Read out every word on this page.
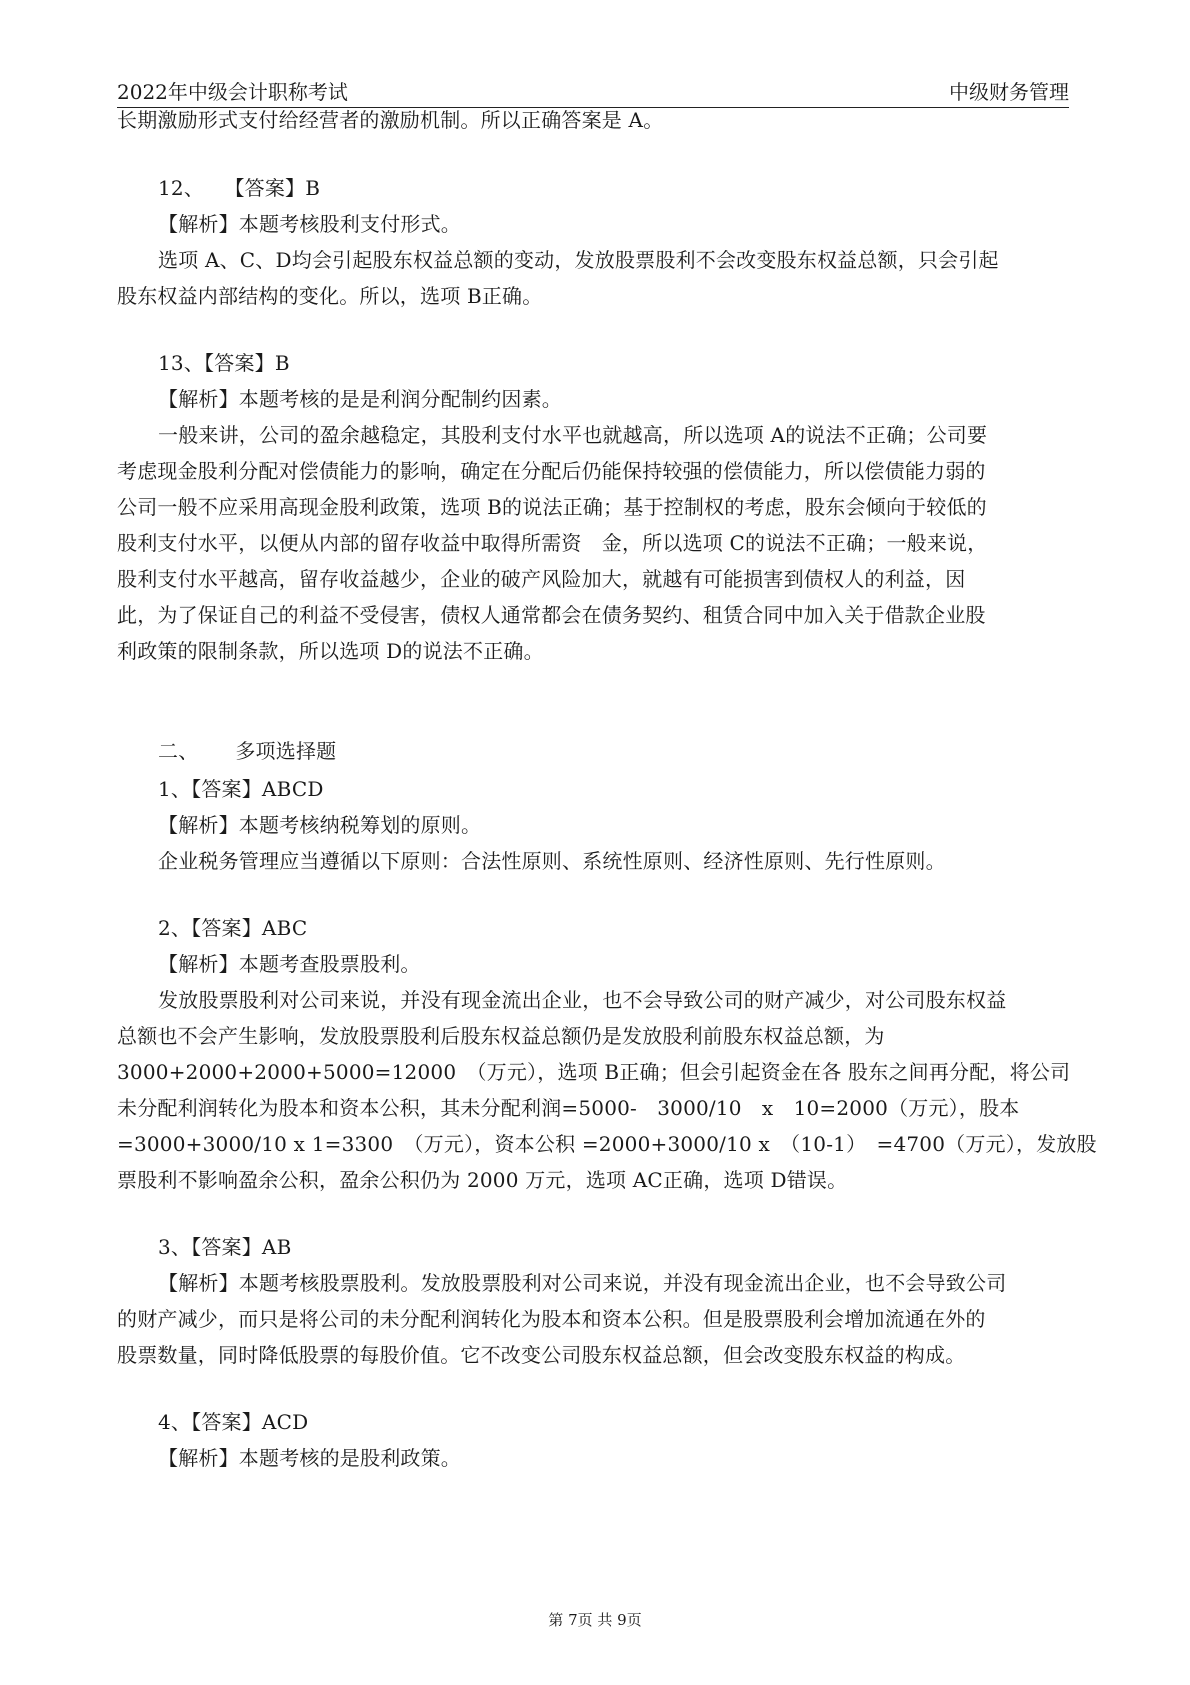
2022年中级会计职称考试	中级财务管理
长期激励形式支付给经营者的激励机制。所以正确答案是 A。
12、　　【答案】B
【解析】本题考核股利支付形式。
选项 A、C、D均会引起股东权益总额的变动，发放股票股利不会改变股东权益总额，只会引起
股东权益内部结构的变化。所以，选项 B正确。
13、【答案】B
【解析】本题考核的是是利润分配制约因素。
一般来讲，公司的盈余越稳定，其股利支付水平也就越高，所以选项 A的说法不正确；公司要
考虑现金股利分配对偿债能力的影响，确定在分配后仍能保持较强的偿债能力，所以偿债能力弱的
公司一般不应采用高现金股利政策，选项 B的说法正确；基于控制权的考虑，股东会倾向于较低的
股利支付水平，以便从内部的留存收益中取得所需资　金，所以选项 C的说法不正确；一般来说，
股利支付水平越高，留存收益越少，企业的破产风险加大，就越有可能损害到债权人的利益，因
此，为了保证自己的利益不受侵害，债权人通常都会在债务契约、租赁合同中加入关于借款企业股
利政策的限制条款，所以选项 D的说法不正确。
二、　　 多项选择题
1、【答案】ABCD
【解析】本题考核纳税筹划的原则。
企业税务管理应当遵循以下原则：合法性原则、系统性原则、经济性原则、先行性原则。
2、【答案】ABC
【解析】本题考查股票股利。
发放股票股利对公司来说，并没有现金流出企业，也不会导致公司的财产减少，对公司股东权益
总额也不会产生影响，发放股票股利后股东权益总额仍是发放股利前股东权益总额，为
3000+2000+2000+5000=12000　（万元），选项 B正确；但会引起资金在各 股东之间再分配，将公司
未分配利润转化为股本和资本公积，其未分配利润=5000-　3000/10　x　10=2000（万元），股本
=3000+3000/10 x 1=3300　（万元），资本公积 =2000+3000/10 x　（10-1）　=4700（万元），发放股
票股利不影响盈余公积，盈余公积仍为 2000 万元，选项 AC正确，选项 D错误。
3、【答案】AB
【解析】本题考核股票股利。发放股票股利对公司来说，并没有现金流出企业，也不会导致公司
的财产减少，而只是将公司的未分配利润转化为股本和资本公积。但是股票股利会增加流通在外的
股票数量，同时降低股票的每股价值。它不改变公司股东权益总额，但会改变股东权益的构成。
4、【答案】ACD
【解析】本题考核的是股利政策。
第 7页 共 9页
